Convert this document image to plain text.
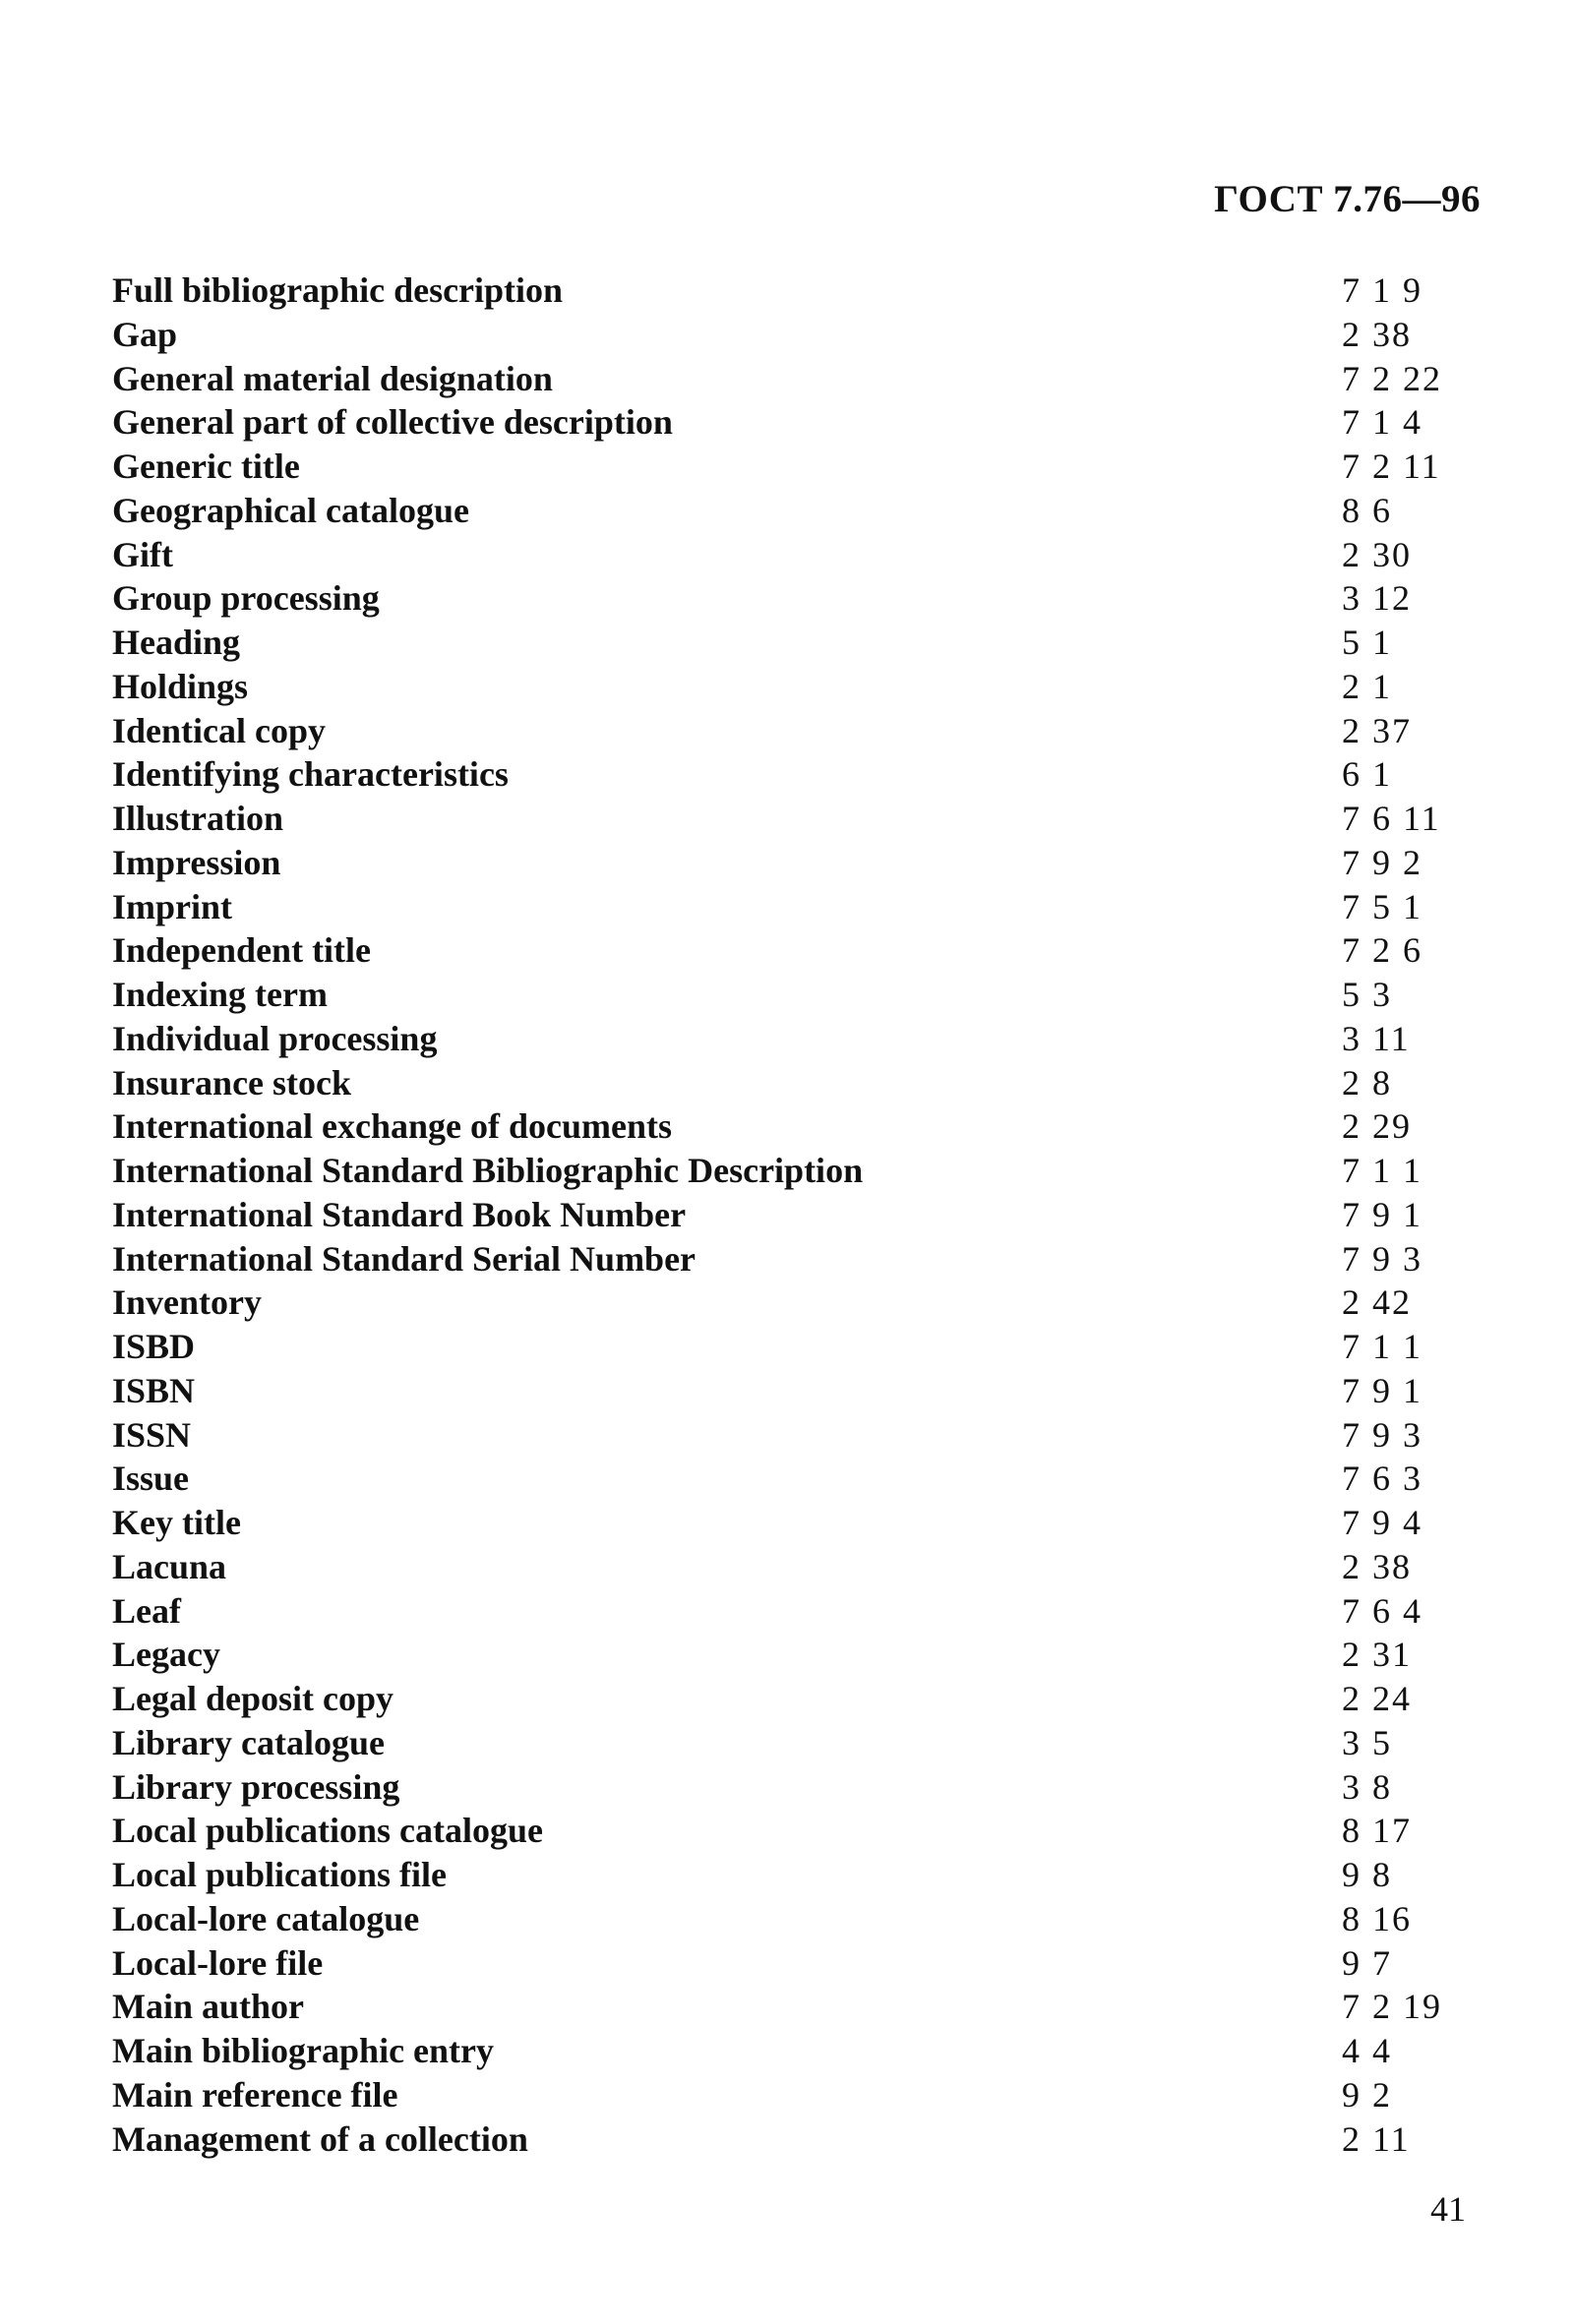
ГОСТ 7.76—96
Full bibliographic description	7 1 9
Gap	2 38
General material designation	7 2 22
General part of collective description	7 1 4
Generic title	7 2 11
Geographical catalogue	8 6
Gift	2 30
Group processing	3 12
Heading	5 1
Holdings	2 1
Identical copy	2 37
Identifying characteristics	6 1
Illustration	7 6 11
Impression	7 9 2
Imprint	7 5 1
Independent title	7 2 6
Indexing term	5 3
Individual processing	3 11
Insurance stock	2 8
International exchange of documents	2 29
International Standard Bibliographic Description	7 1 1
International Standard Book Number	7 9 1
International Standard Serial Number	7 9 3
Inventory	2 42
ISBD	7 1 1
ISBN	7 9 1
ISSN	7 9 3
Issue	7 6 3
Key title	7 9 4
Lacuna	2 38
Leaf	7 6 4
Legacy	2 31
Legal deposit copy	2 24
Library catalogue	3 5
Library processing	3 8
Local publications catalogue	8 17
Local publications file	9 8
Local-lore catalogue	8 16
Local-lore file	9 7
Main author	7 2 19
Main bibliographic entry	4 4
Main reference file	9 2
Management of a collection	2 11
41
